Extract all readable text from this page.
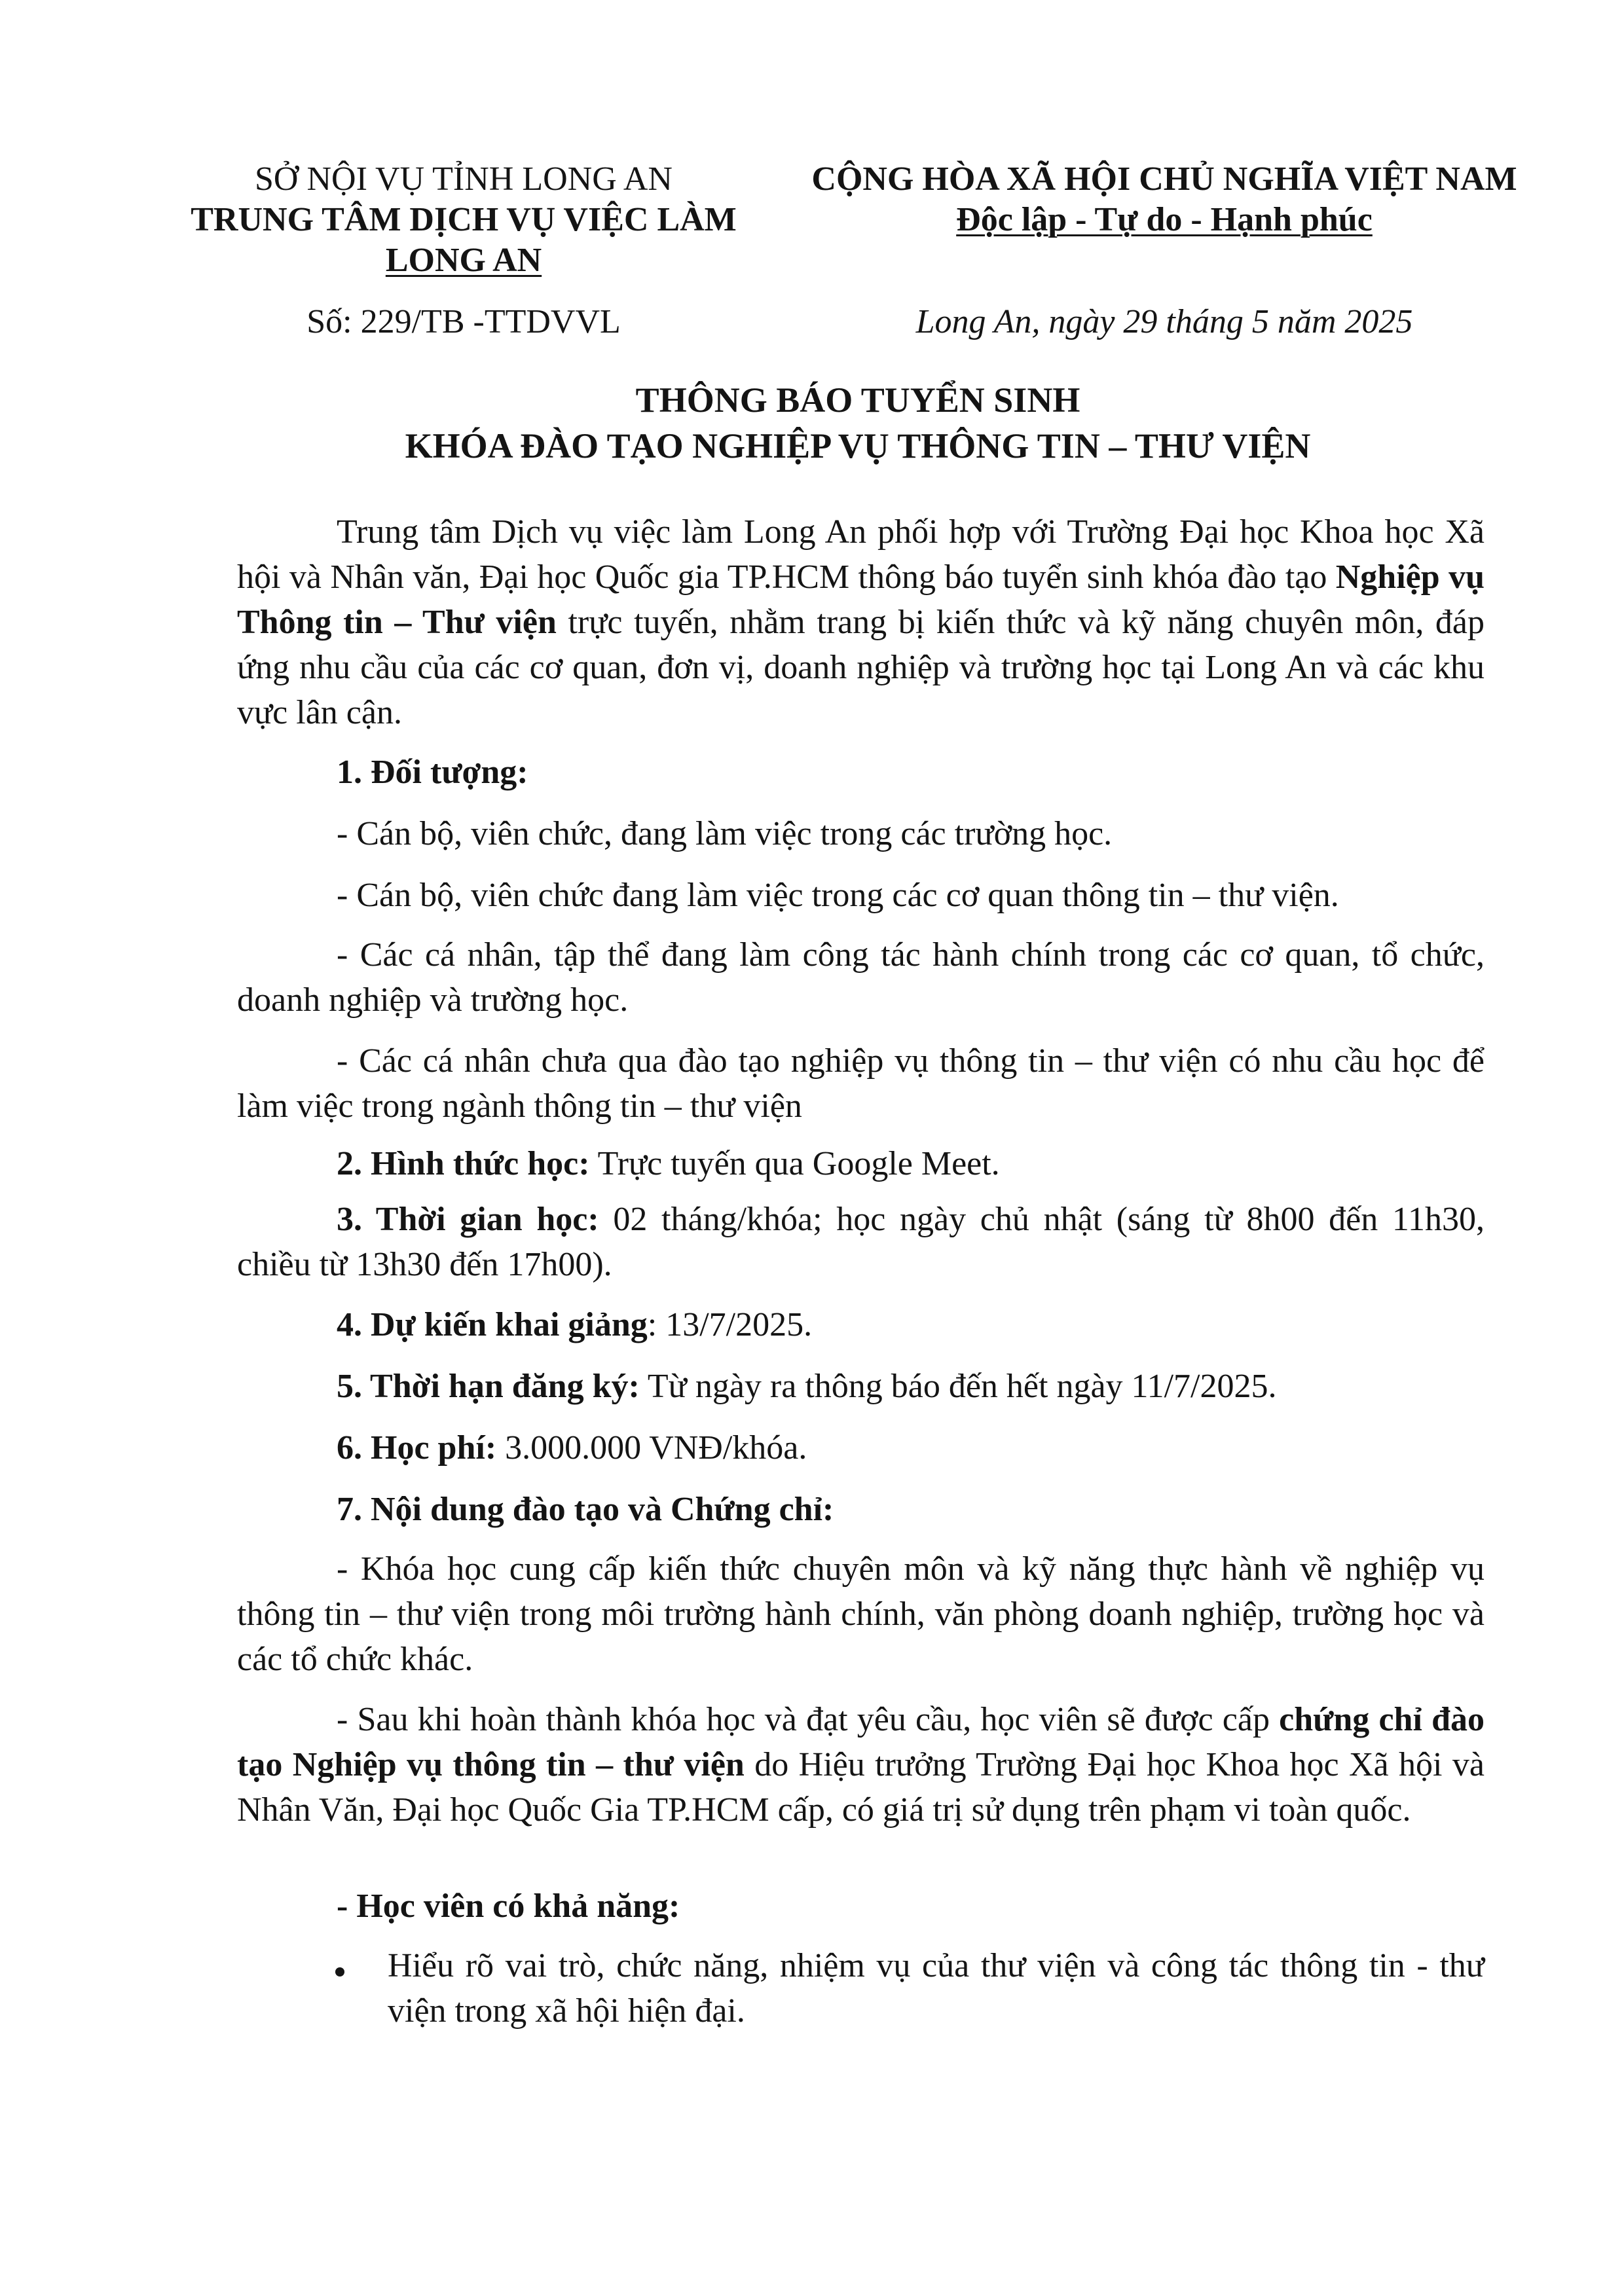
SỞ NỘI VỤ TỈNH LONG AN
TRUNG TÂM DỊCH VỤ VIỆC LÀM
LONG AN
Số: 229/TB -TTDVVL
CỘNG HÒA XÃ HỘI CHỦ NGHĨA VIỆT NAM
Độc lập - Tự do - Hạnh phúc
Long An, ngày 29 tháng 5 năm 2025
THÔNG BÁO TUYỂN SINH
KHÓA ĐÀO TẠO NGHIỆP VỤ THÔNG TIN – THƯ VIỆN
Trung tâm Dịch vụ việc làm Long An phối hợp với Trường Đại học Khoa học Xã hội và Nhân văn, Đại học Quốc gia TP.HCM thông báo tuyển sinh khóa đào tạo Nghiệp vụ Thông tin – Thư viện trực tuyến, nhằm trang bị kiến thức và kỹ năng chuyên môn, đáp ứng nhu cầu của các cơ quan, đơn vị, doanh nghiệp và trường học tại Long An và các khu vực lân cận.
1. Đối tượng:
- Cán bộ, viên chức, đang làm việc trong các trường học.
- Cán bộ, viên chức đang làm việc trong các cơ quan thông tin – thư viện.
- Các cá nhân, tập thể đang làm công tác hành chính trong các cơ quan, tổ chức, doanh nghiệp và trường học.
- Các cá nhân chưa qua đào tạo nghiệp vụ thông tin – thư viện có nhu cầu học để làm việc trong ngành thông tin – thư viện
2. Hình thức học: Trực tuyến qua Google Meet.
3. Thời gian học: 02 tháng/khóa; học ngày chủ nhật (sáng từ 8h00 đến 11h30, chiều từ 13h30 đến 17h00).
4. Dự kiến khai giảng: 13/7/2025.
5. Thời hạn đăng ký: Từ ngày ra thông báo đến hết ngày 11/7/2025.
6. Học phí: 3.000.000 VNĐ/khóa.
7. Nội dung đào tạo và Chứng chỉ:
- Khóa học cung cấp kiến thức chuyên môn và kỹ năng thực hành về nghiệp vụ thông tin – thư viện trong môi trường hành chính, văn phòng doanh nghiệp, trường học và các tổ chức khác.
- Sau khi hoàn thành khóa học và đạt yêu cầu, học viên sẽ được cấp chứng chỉ đào tạo Nghiệp vụ thông tin – thư viện do Hiệu trưởng Trường Đại học Khoa học Xã hội và Nhân Văn, Đại học Quốc Gia TP.HCM cấp, có giá trị sử dụng trên phạm vi toàn quốc.
- Học viên có khả năng:
Hiểu rõ vai trò, chức năng, nhiệm vụ của thư viện và công tác thông tin - thư viện trong xã hội hiện đại.
